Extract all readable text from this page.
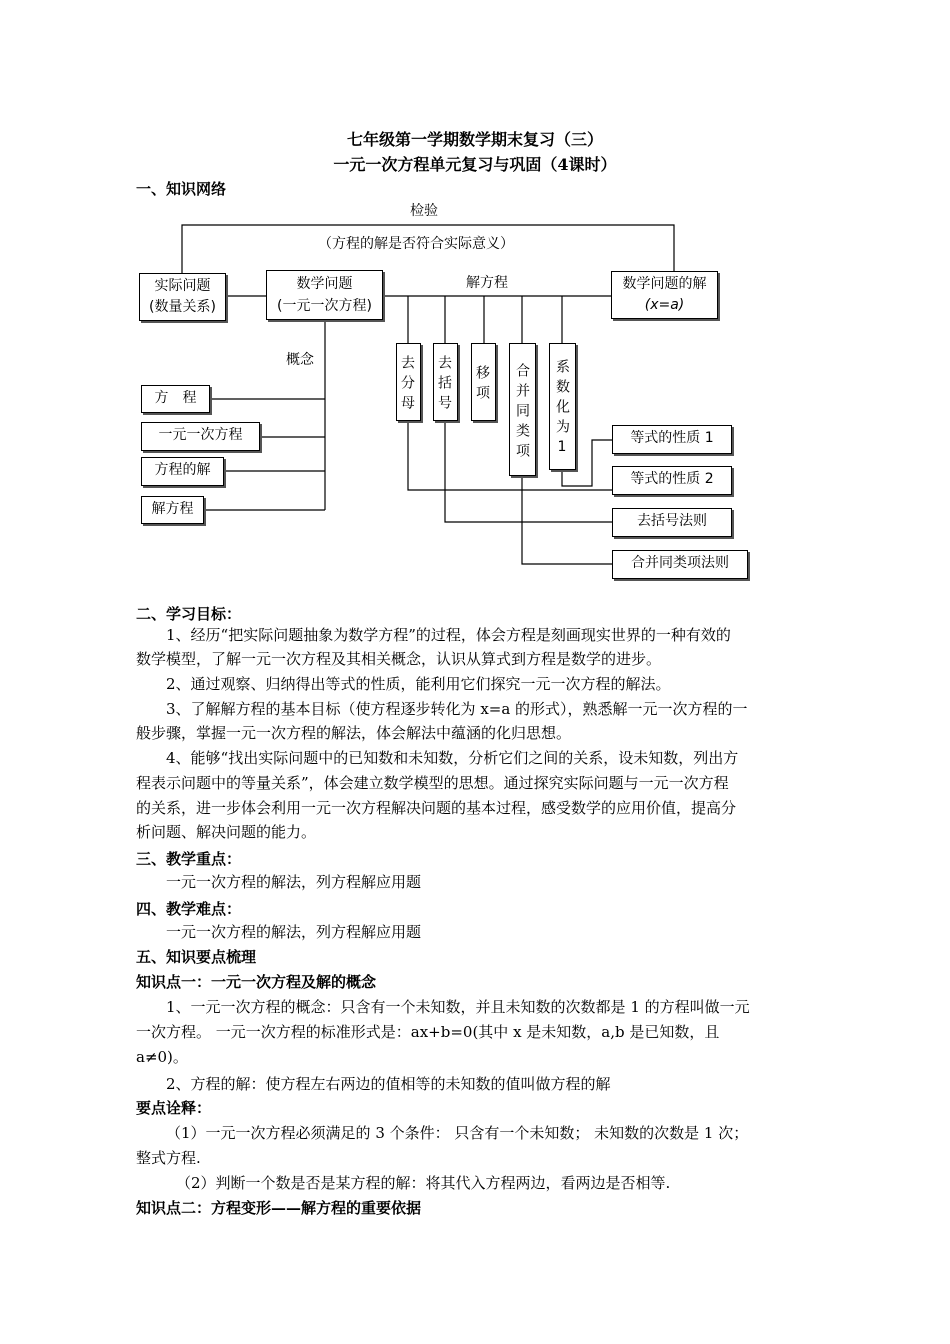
七年级第一学期数学期末复习（三）
一元一次方程单元复习与巩固（4课时）
一、知识网络
检验
（方程的解是否符合实际意义）
实际问题
(数量关系)
数学问题
(一元一次方程)
解方程	数学问题的解
(x=a)
概念
方　程
一元一次方程
方程的解
解方程
去分母	去括号	移项	合并同类项	系数化为1	等式的性质 1
等式的性质 2
去括号法则
合并同类项法则
二、学习目标：
1、经历“把实际问题抽象为数学方程”的过程，体会方程是刻画现实世界的一种有效的
数学模型，了解一元一次方程及其相关概念，认识从算式到方程是数学的进步。
2、通过观察、归纳得出等式的性质，能利用它们探究一元一次方程的解法。
3、了解解方程的基本目标（使方程逐步转化为 x=a 的形式），熟悉解一元一次方程的一
般步骤，掌握一元一次方程的解法，体会解法中蕴涵的化归思想。
4、能够“找出实际问题中的已知数和未知数，分析它们之间的关系，设未知数，列出方
程表示问题中的等量关系”，体会建立数学模型的思想。通过探究实际问题与一元一次方程
的关系，进一步体会利用一元一次方程解决问题的基本过程，感受数学的应用价值，提高分
析问题、解决问题的能力。
三、教学重点：
一元一次方程的解法，列方程解应用题
四、教学难点：
一元一次方程的解法，列方程解应用题
五、知识要点梳理
知识点一：一元一次方程及解的概念
1、一元一次方程的概念：只含有一个未知数，并且未知数的次数都是 1 的方程叫做一元
一次方程。 一元一次方程的标准形式是：ax+b=0(其中 x 是未知数，a,b 是已知数，且
a≠0)。
2、方程的解：使方程左右两边的值相等的未知数的值叫做方程的解
要点诠释：
（1）一元一次方程必须满足的 3 个条件： 只含有一个未知数； 未知数的次数是 1 次；
整式方程.
（2）判断一个数是否是某方程的解：将其代入方程两边，看两边是否相等.
知识点二：方程变形——解方程的重要依据
